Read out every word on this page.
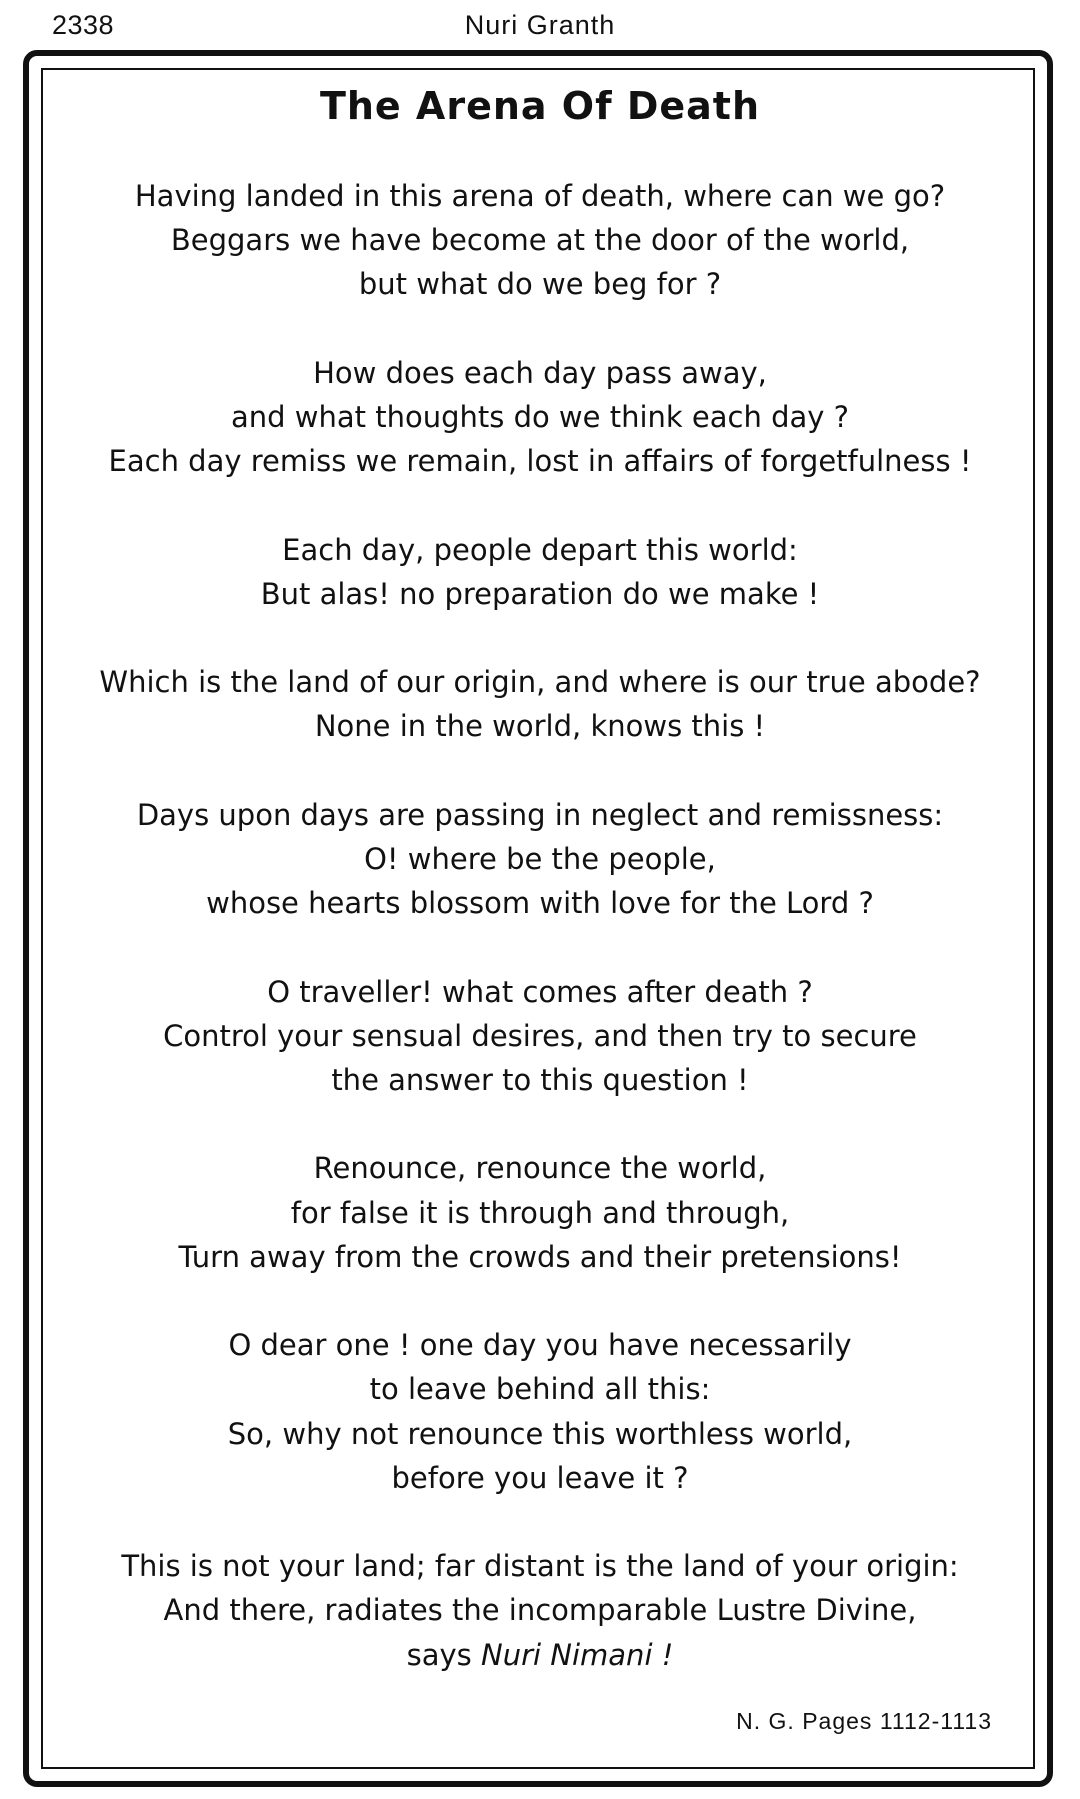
2338	Nuri Granth
The Arena Of Death
Having landed in this arena of death, where can we go?
Beggars we have become at the door of the world,
but what do we beg for ?
How does each day pass away,
and what thoughts do we think each day ?
Each day remiss we remain, lost in affairs of forgetfulness !
Each day, people depart this world:
But alas! no preparation do we make !
Which is the land of our origin, and where is our true abode?
None in the world, knows this !
Days upon days are passing in neglect and remissness:
O! where be the people,
whose hearts blossom with love for the Lord ?
O traveller! what comes after death ?
Control your sensual desires, and then try to secure
the answer to this question !
Renounce, renounce the world,
for false it is through and through,
Turn away from the crowds and their pretensions!
O dear one ! one day you have necessarily
to leave behind all this:
So, why not renounce this worthless world,
before you leave it ?
This is not your land; far distant is the land of your origin:
And there, radiates the incomparable Lustre Divine,
says Nuri Nimani !
N. G. Pages 1112-1113
